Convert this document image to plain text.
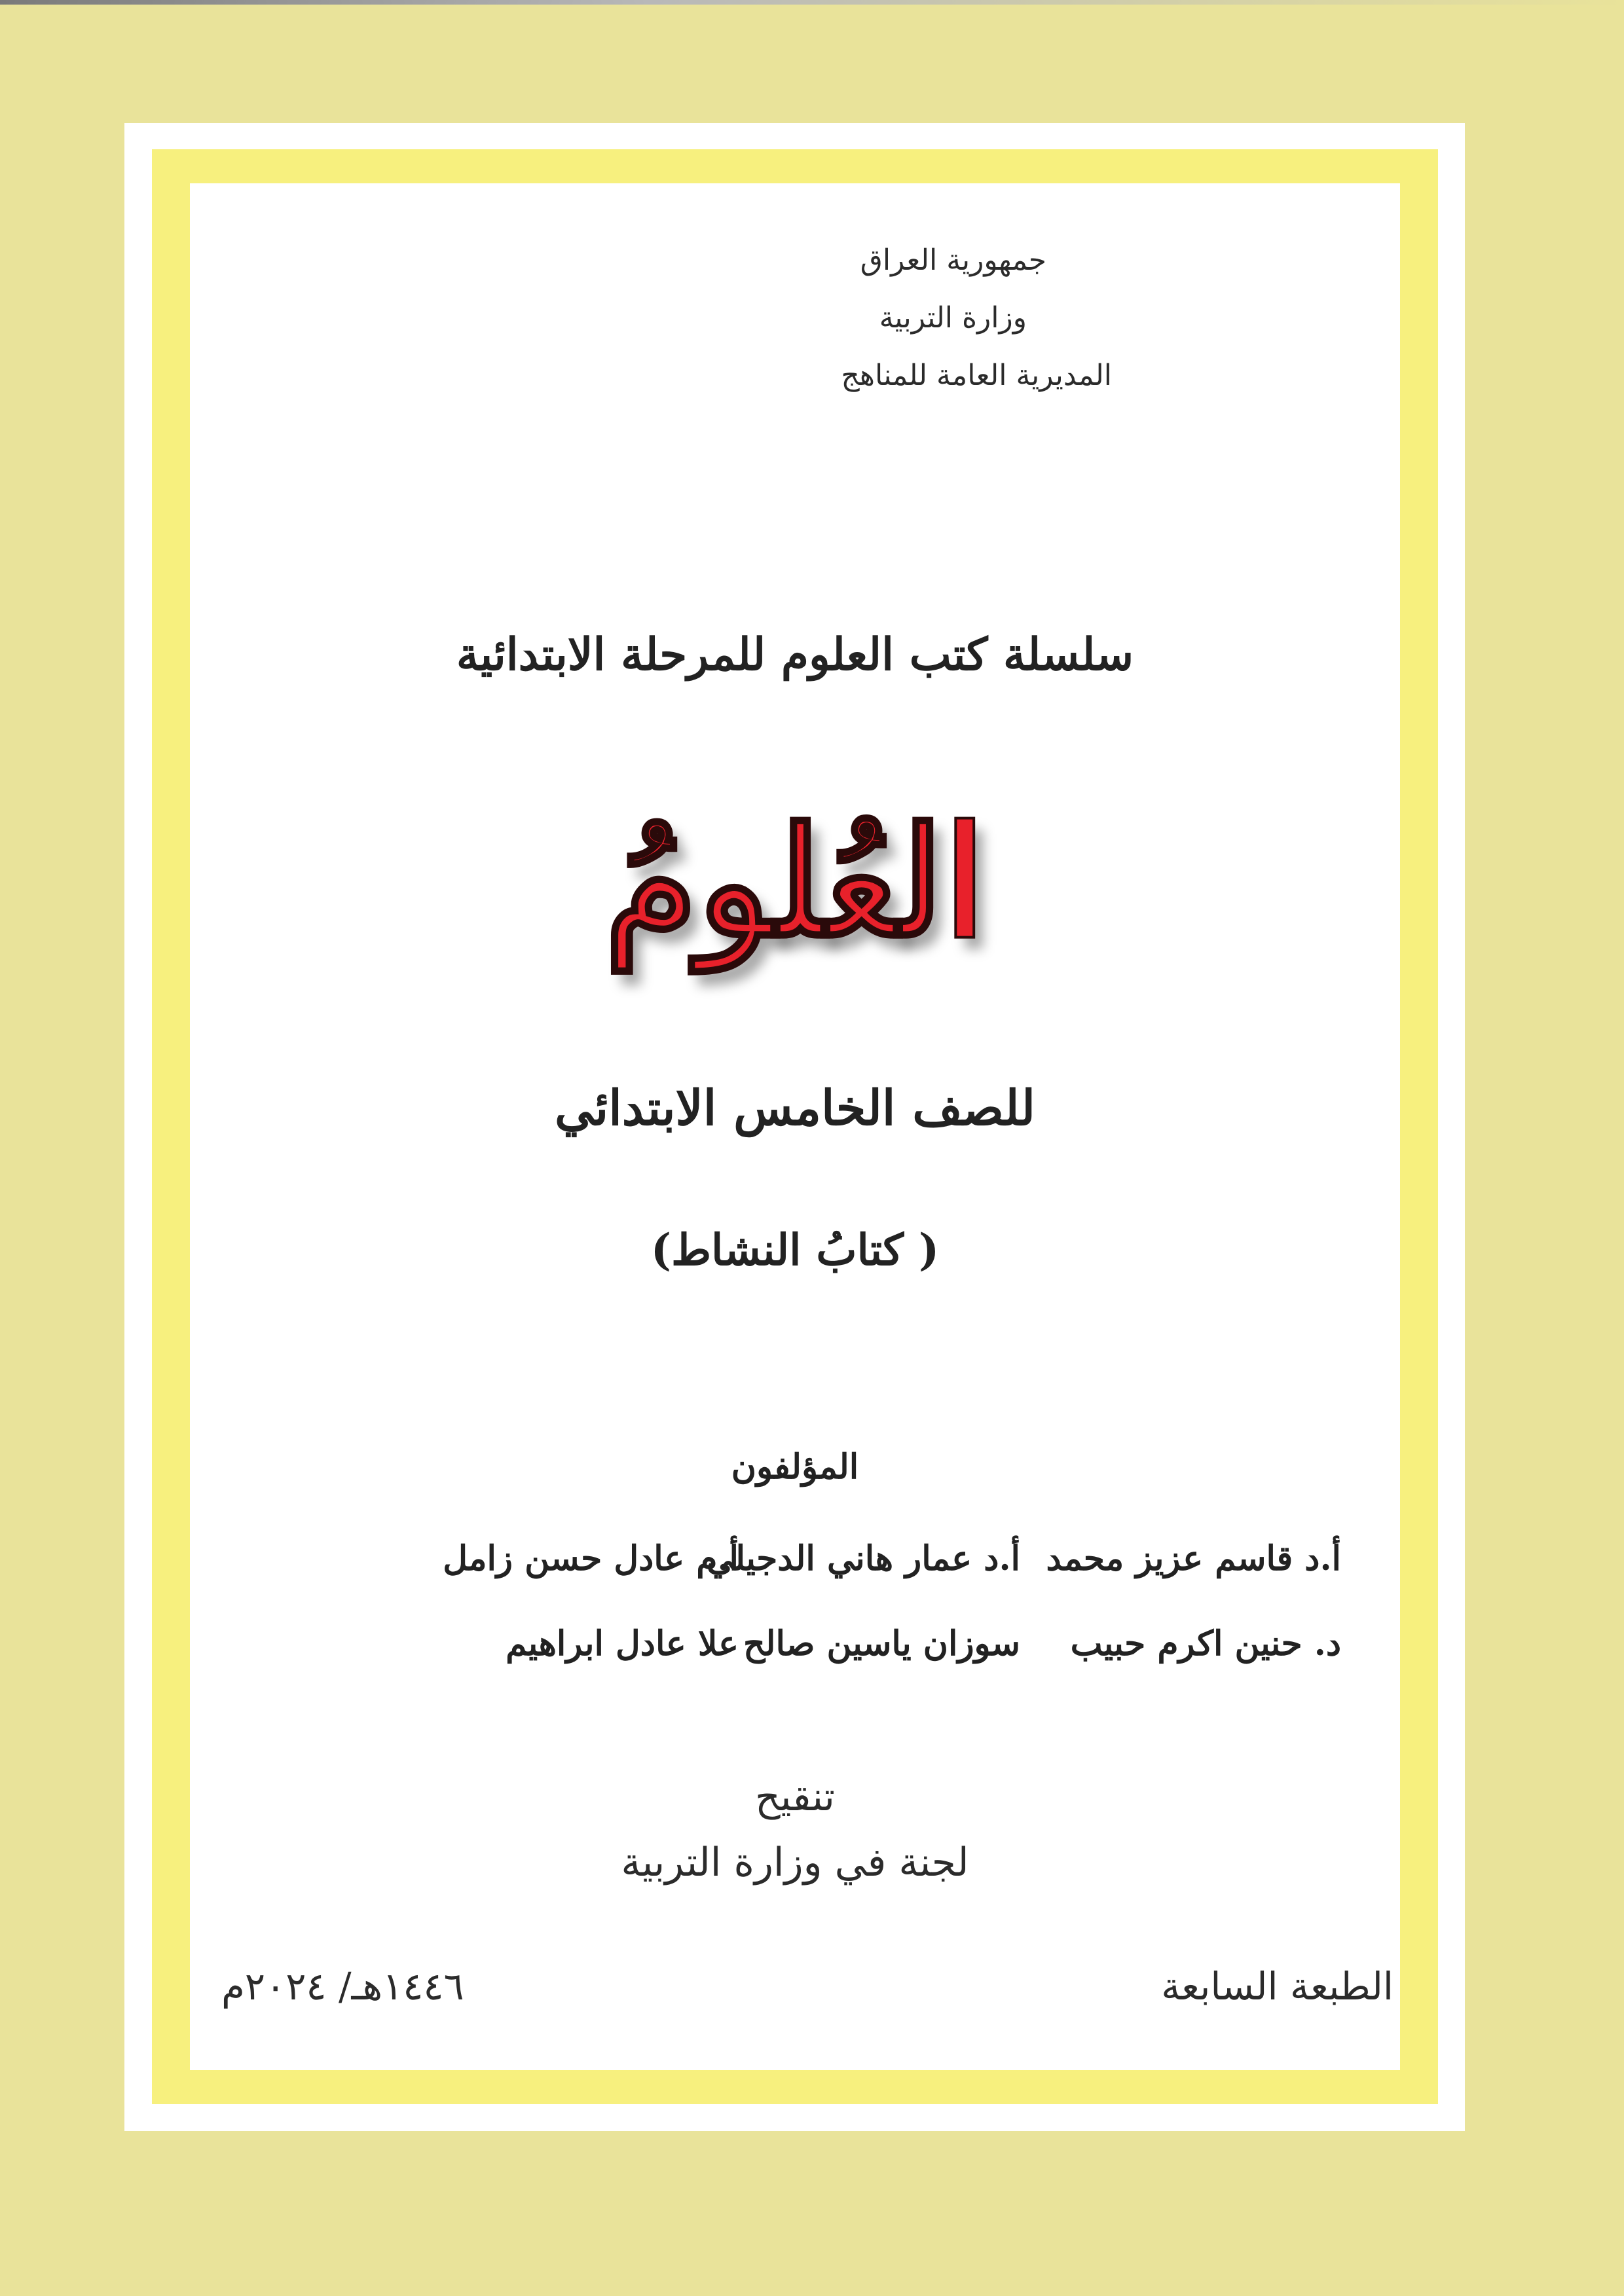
جمهورية العراق
وزارة التربية
المديرية العامة للمناهج
سلسلة كتب العلوم للمرحلة الابتدائية
العُلومُ
للصف الخامس الابتدائي
( كتابُ النشاط)
المؤلفون
أ.د قاسم عزيز محمد
أ.د عمار هاني الدجيلي
أ.م عادل حسن زامل
د. حنين اكرم حبيب
سوزان ياسين صالح
علا عادل ابراهيم
تنقيح
لجنة في وزارة التربية
الطبعة السابعة
١٤٤٦هـ/ ٢٠٢٤م
